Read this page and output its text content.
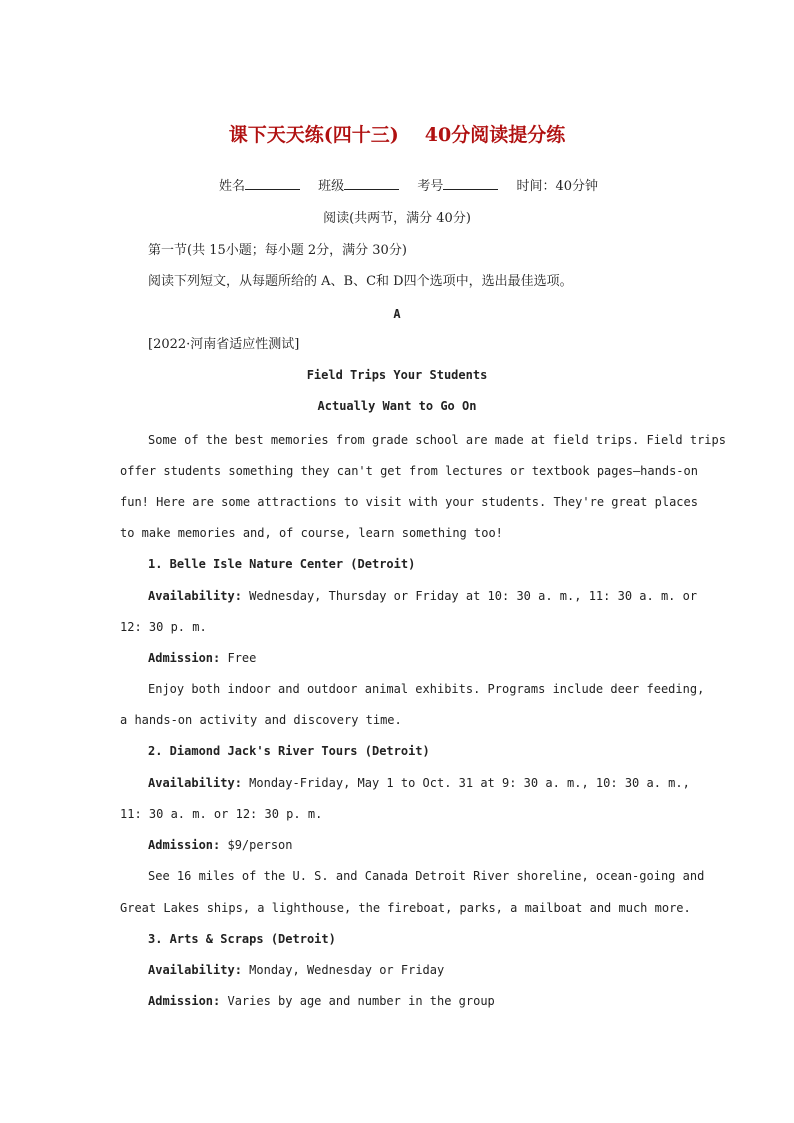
课下天天练(四十三) 40分阅读提分练
姓名	班级	考号	时间：40分钟
阅读(共两节，满分 40分)
第一节(共 15小题；每小题 2分，满分 30分)
阅读下列短文，从每题所给的 A、B、C和 D四个选项中，选出最佳选项。
A
[2022·河南省适应性测试]
Field Trips Your Students
Actually Want to Go On
Some of the best memories from grade school are made at field trips. Field trips
offer students something they can't get from lectures or textbook pages—hands-on
fun! Here are some attractions to visit with your students. They're great places
to make memories and, of course, learn something too!
1. Belle Isle Nature Center (Detroit)
Availability: Wednesday, Thursday or Friday at 10: 30 a. m., 11: 30 a. m. or
12: 30 p. m.
Admission: Free
Enjoy both indoor and outdoor animal exhibits. Programs include deer feeding,
a hands-on activity and discovery time.
2. Diamond Jack's River Tours (Detroit)
Availability: Monday-Friday, May 1 to Oct. 31 at 9: 30 a. m., 10: 30 a. m.,
11: 30 a. m. or 12: 30 p. m.
Admission: $9/person
See 16 miles of the U. S. and Canada Detroit River shoreline, ocean-going and
Great Lakes ships, a lighthouse, the fireboat, parks, a mailboat and much more.
3. Arts & Scraps (Detroit)
Availability: Monday, Wednesday or Friday
Admission: Varies by age and number in the group
